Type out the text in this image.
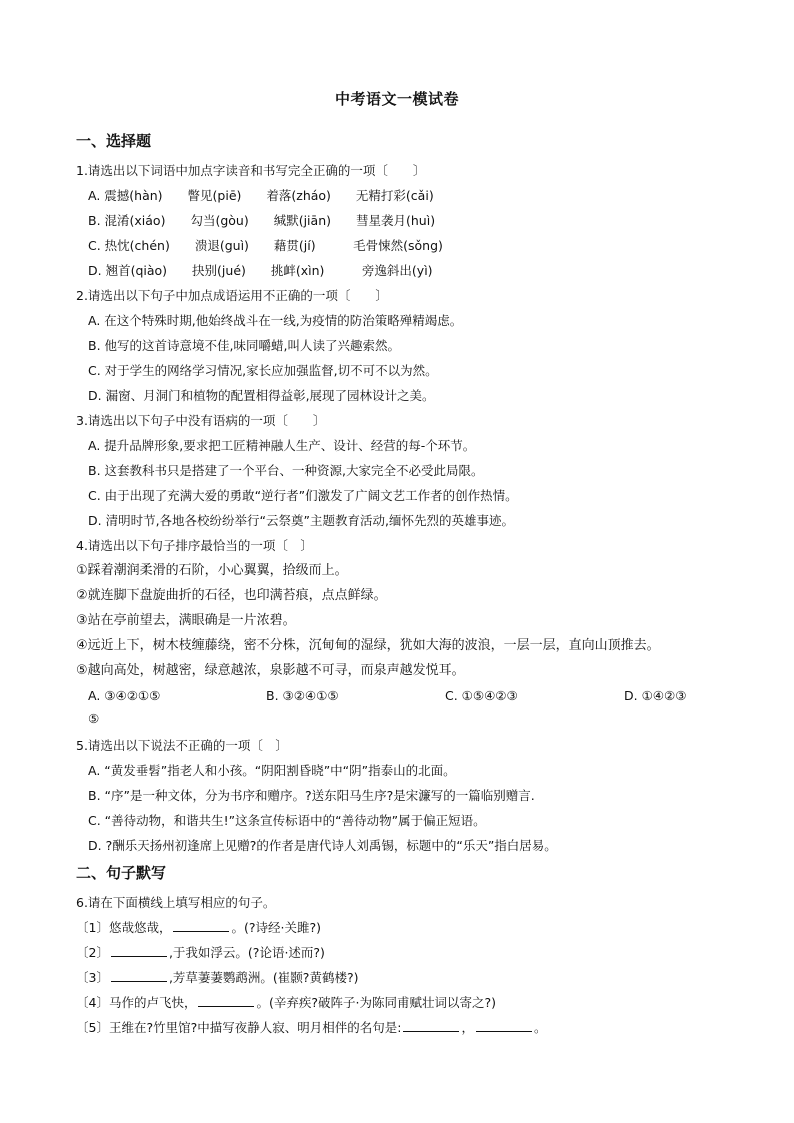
中考语文一模试卷
一、选择题
1.请选出以下词语中加点字读音和书写完全正确的一项〔　　〕
A. 震撼(hàn)　　瞥见(piē)　　着落(zháo)　　无精打彩(cǎi)
B. 混淆(xiáo)　　勾当(gòu)　　缄默(jiān)　　彗星袭月(huì)
C. 热忱(chén)　　溃退(guì)　　藉贯(jí)　　　毛骨悚然(sǒng)
D. 翘首(qiào)　　抉别(jué)　　挑衅(xìn)　　　旁逸斜出(yì)
2.请选出以下句子中加点成语运用不正确的一项〔　　〕
A. 在这个特殊时期,他始终战斗在一线,为疫情的防治策略殚精竭虑。
B. 他写的这首诗意境不佳,味同嚼蜡,叫人读了兴趣索然。
C. 对于学生的网络学习情况,家长应加强监督,切不可不以为然。
D. 漏窗、月洞门和植物的配置相得益彰,展现了园林设计之美。
3.请选出以下句子中没有语病的一项〔　　〕
A. 提升品牌形象,要求把工匠精神融人生产、设计、经营的每-个环节。
B. 这套教科书只是搭建了一个平台、一种资源,大家完全不必受此局限。
C. 由于出现了充满大爱的勇敢“逆行者”们激发了广阔文艺工作者的创作热情。
D. 清明时节,各地各校纷纷举行“云祭奠”主题教育活动,缅怀先烈的英雄事迹。
4.请选出以下句子排序最恰当的一项〔　〕
①踩着潮润柔滑的石阶，小心翼翼，拾级而上。
②就连脚下盘旋曲折的石径，也印满苔痕，点点鲜绿。
③站在亭前望去，满眼确是一片浓碧。
④远近上下，树木枝缠藤绕，密不分株，沉甸甸的湿绿，犹如大海的波浪，一层一层，直向山顶推去。
⑤越向高处，树越密，绿意越浓，泉影越不可寻，而泉声越发悦耳。
A. ③④②①⑤	B. ③②④①⑤	C. ①⑤④②③	D. ①④②③
⑤
5.请选出以下说法不正确的一项〔　〕
A. “黄发垂髫”指老人和小孩。“阴阳割昏晓”中“阴”指泰山的北面。
B. “序”是一种文体，分为书序和赠序。?送东阳马生序?是宋濂写的一篇临别赠言.
C. “善待动物，和谐共生!”这条宣传标语中的“善待动物”属于偏正短语。
D. ?酬乐天扬州初逢席上见赠?的作者是唐代诗人刘禹锡，标题中的“乐天”指白居易。
二、句子默写
6.请在下面横线上填写相应的句子。
〔1〕悠哉悠哉，	。(?诗经·关雎?)
〔2〕	,于我如浮云。(?论语·述而?)
〔3〕	,芳草萋萋鹦鹉洲。(崔颢?黄鹤楼?)
〔4〕马作的卢飞快，	。(辛弃疾?破阵子·为陈同甫赋壮词以寄之?)
〔5〕王维在?竹里馆?中描写夜静人寂、明月相伴的名句是:	，	。
